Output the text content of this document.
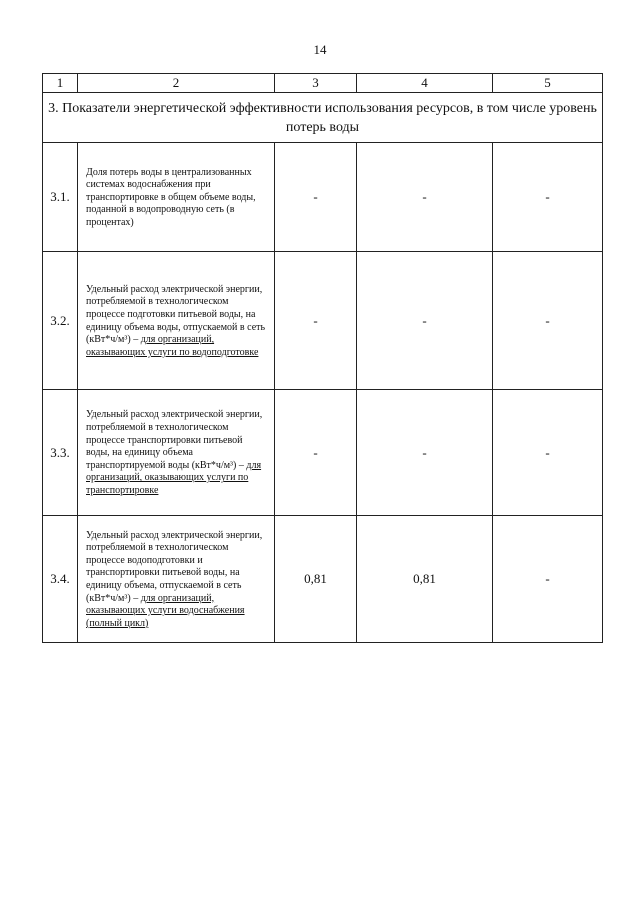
14
1	2	3	4	5
3. Показатели энергетической эффективности использования ресурсов, в том числе уровень потерь воды				
3.1.	Доля потерь воды в централизованных системах водоснабжения при транспортировке в общем объеме воды, поданной в водопроводную сеть (в процентах)	-	-	-
3.2.	Удельный расход электрической энергии, потребляемой в технологическом процессе подготовки питьевой воды, на единицу объема воды, отпускаемой в сеть (кВт*ч/м³) – для организаций, оказывающих услуги по водоподготовке	-	-	-
3.3.	Удельный расход электрической энергии, потребляемой в технологическом процессе транспортировки питьевой воды, на единицу объема транспортируемой воды (кВт*ч/м³) – для организаций, оказывающих услуги по транспортировке	-	-	-
3.4.	Удельный расход электрической энергии, потребляемой в технологическом процессе водоподготовки и транспортировки питьевой воды, на единицу объема, отпускаемой в сеть (кВт*ч/м³) – для организаций, оказывающих услуги водоснабжения (полный цикл)	0,81	0,81	-
